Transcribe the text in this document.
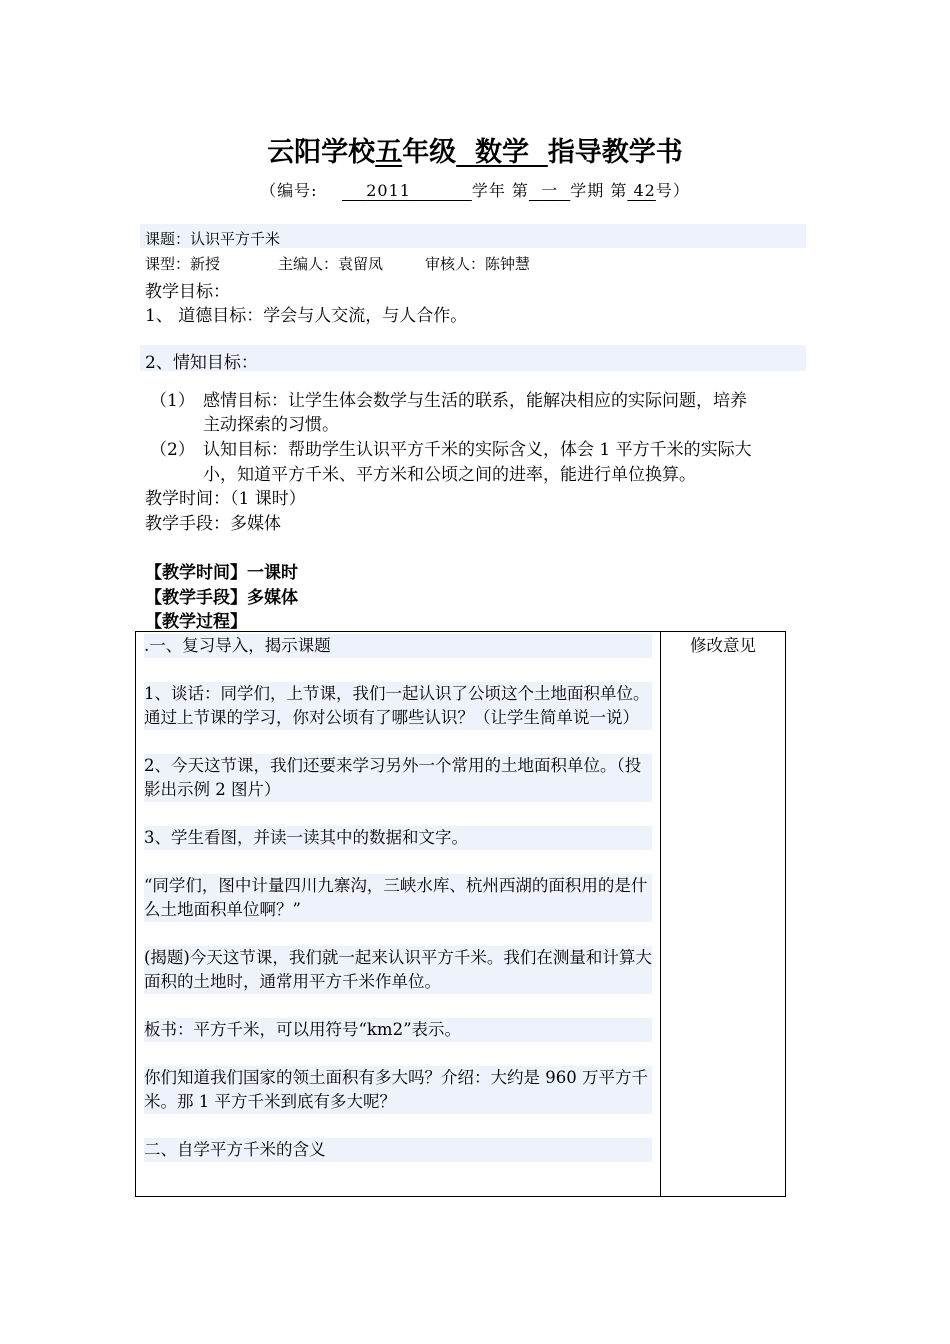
云阳学校五年级 数学 指导教学书
（编号:	2011	学年 第 一 学期 第 42号）
课题：认识平方千米
课型：新授	主编人：袁留凤	审核人：陈钟慧
教学目标：
1、 道德目标：学会与人交流，与人合作。
2、情知目标：
（1） 感情目标：让学生体会数学与生活的联系，能解决相应的实际问题，培养
主动探索的习惯。
（2） 认知目标：帮助学生认识平方千米的实际含义，体会 1 平方千米的实际大
小，知道平方千米、平方米和公顷之间的进率，能进行单位换算。
教学时间：（1 课时）
教学手段：多媒体
【教学时间】一课时
【教学手段】多媒体
【教学过程】

.一、复习导入，揭示课题

1、谈话：同学们，上节课，我们一起认识了公顷这个土地面积单位。通过上节课的学习，你对公顷有了哪些认识？（让学生简单说一说）

2、今天这节课，我们还要来学习另外一个常用的土地面积单位。（投影出示例 2 图片）

3、学生看图，并读一读其中的数据和文字。

“同学们，图中计量四川九寨沟，三峡水库、杭州西湖的面积用的是什么土地面积单位啊？”

(揭题)今天这节课，我们就一起来认识平方千米。我们在测量和计算大面积的土地时，通常用平方千米作单位。

板书：平方千米，可以用符号“km2”表示。

你们知道我们国家的领土面积有多大吗？介绍：大约是 960 万平方千米。那 1 平方千米到底有多大呢？

二、自学平方千米的含义

	修改意见
